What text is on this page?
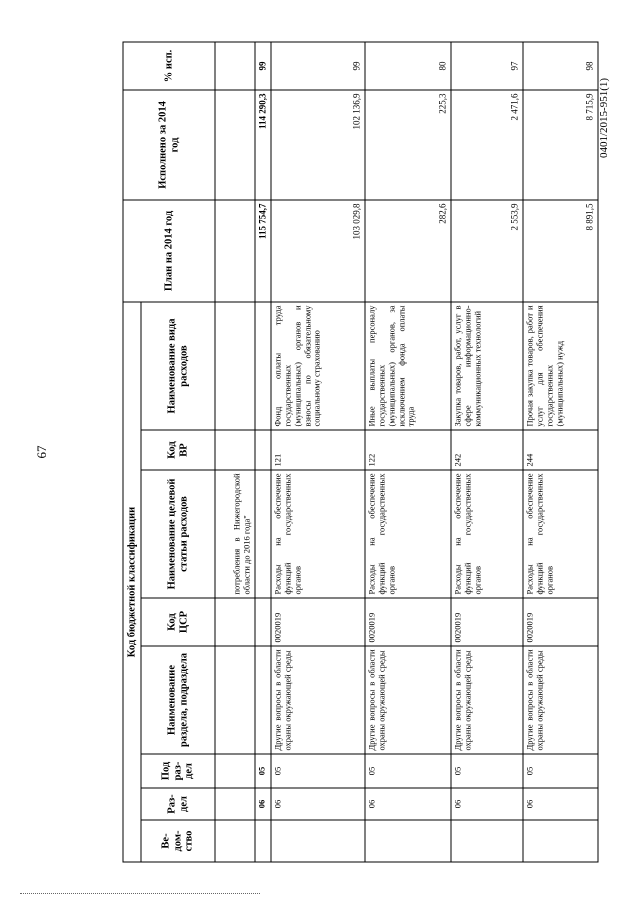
67
0401/2015-951(1)
Код бюджетной классификации								План на 2014 год	Исполнено за 2014 год	% исп.
Ве-дом-ство	Раз-дел	Под раз-дел	Наименование раздела, подраздела	Код ЦСР	Наименование целевой статьи расходов	Код ВР	Наименование вида расходов			
					потребления в Нижегородской области до 2016 года"					
	06	05						115 754,7	114 290,3	99
	06	05	Другие вопросы в области охраны окружающей среды	0020019	Расходы на обеспечение функций государственных органов	121	Фонд оплаты труда государственных (муниципальных) органов и взносы по обязательному социальному страхованию	103 029,8	102 136,9	99
	06	05	Другие вопросы в области охраны окружающей среды	0020019	Расходы на обеспечение функций государственных органов	122	Иные выплаты персоналу государственных (муниципальных) органов, за исключением фонда оплаты труда	282,6	225,3	80
	06	05	Другие вопросы в области охраны окружающей среды	0020019	Расходы на обеспечение функций государственных органов	242	Закупка товаров, работ, услуг в сфере информационно-коммуникационных технологий	2 553,9	2 471,6	97
	06	05	Другие вопросы в области охраны окружающей среды	0020019	Расходы на обеспечение функций государственных органов	244	Прочая закупка товаров, работ и услуг для обеспечения государственных (муниципальных) нужд	8 891,5	8 715,9	98
